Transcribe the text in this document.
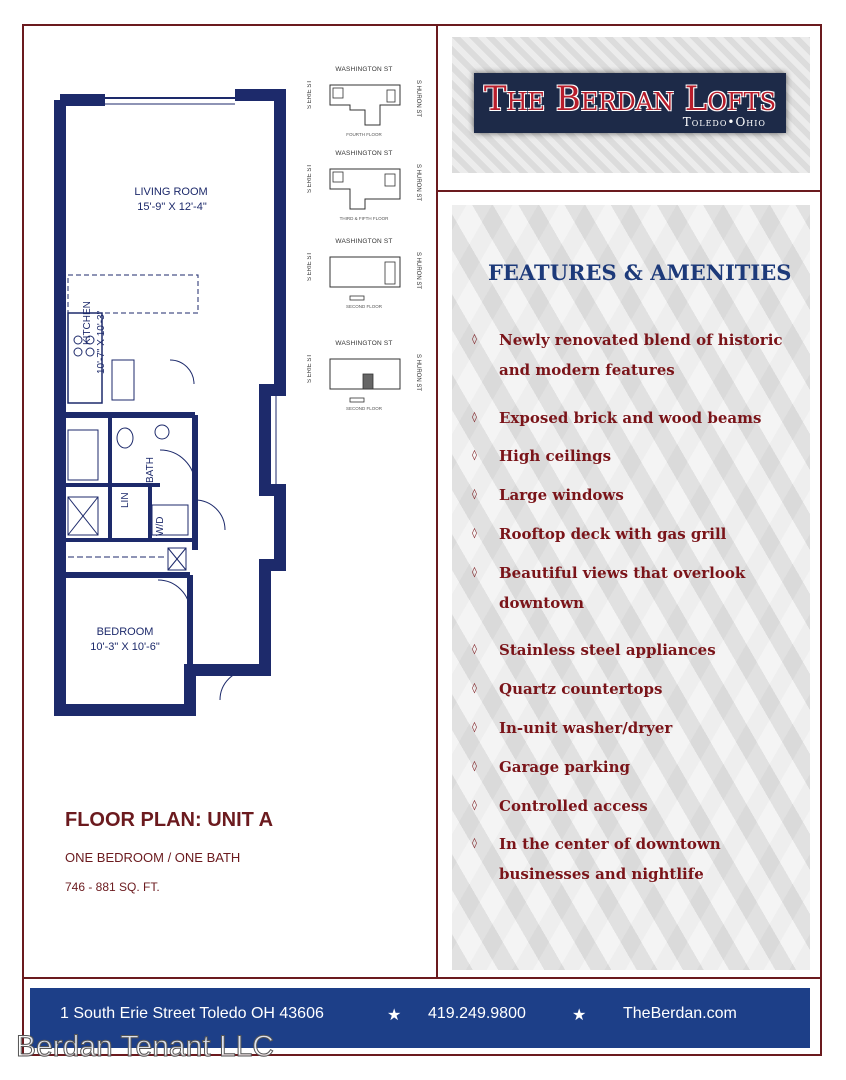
LIVING ROOM
15'-9" X 12'-4"
KITCHEN 10'-7" X 10'-3"
BATH
LIN
W/D
BEDROOM
10'-3" X 10'-6"
WASHINGTON ST
S ERIE ST	S HURON ST
FOURTH FLOOR
WASHINGTON ST
S ERIE ST	S HURON ST
THIRD & FIFTH FLOOR
WASHINGTON ST
S ERIE ST	S HURON ST
SECOND FLOOR
WASHINGTON ST
S ERIE ST	S HURON ST
SECOND FLOOR
The Berdan Lofts
Toledo•Ohio
FEATURES & AMENITIES
◊ Newly renovated blend of historic and modern features
◊ Exposed brick and wood beams
◊ High ceilings
◊ Large windows
◊ Rooftop deck with gas grill
◊ Beautiful views that overlook downtown
◊ Stainless steel appliances
◊ Quartz countertops
◊ In-unit washer/dryer
◊ Garage parking
◊ Controlled access
◊ In the center of downtown businesses and nightlife
FLOOR PLAN: UNIT A
ONE BEDROOM / ONE BATH
746 - 881 SQ. FT.
1 South Erie Street Toledo OH 43606	★ 419.249.9800	★ TheBerdan.com
Berdan Tenant LLC
